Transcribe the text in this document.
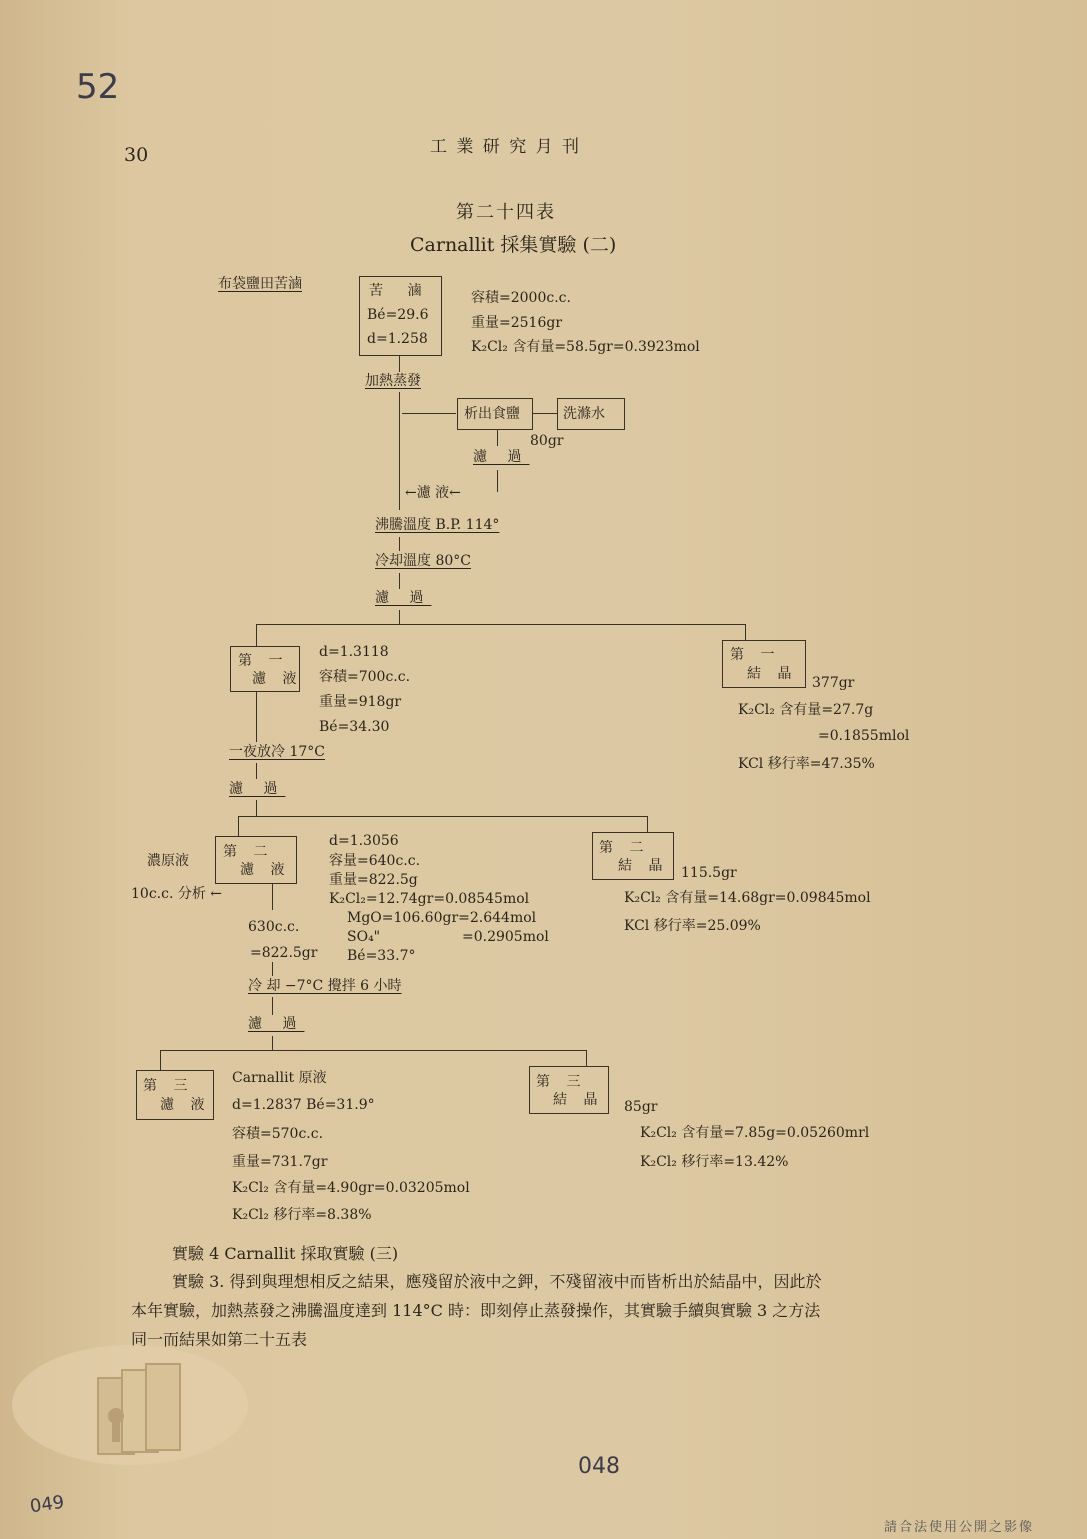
52
30	工 業 研 究 月 刊
第二十四表
Carnallit 採集實驗 (二)
布袋鹽田苦滷	苦 滷
Bé=29.6
d=1.258
容積=2000c.c.
重量=2516gr
K₂Cl₂ 含有量=58.5gr=0.3923mol
加熱蒸發
析出食鹽	洗滌水
80gr
濾 過
←濾 液←
沸騰溫度 B.P. 114°
冷却溫度 80°C
濾 過
第 一
濾 液
d=1.3118
容積=700c.c.
重量=918gr
Bé=34.30
第 一
結 晶
377gr
K₂Cl₂ 含有量=27.7g
=0.1855mlol
KCl 移行率=47.35%
一夜放冷 17°C
濾 過
第 二
濾 液
濃原液
10c.c. 分析 ←
d=1.3056
容量=640c.c.
重量=822.5g
K₂Cl₂=12.74gr=0.08545mol
MgO=106.60gr=2.644mol
SO₄"	=0.2905mol
Bé=33.7°
630c.c.
=822.5gr
第 二
結 晶 115.5gr
K₂Cl₂ 含有量=14.68gr=0.09845mol
KCl 移行率=25.09%
冷 却 −7°C 攪拌 6 小時
濾 過
第 三
濾 液
Carnallit 原液
d=1.2837 Bé=31.9°
容積=570c.c.
重量=731.7gr
K₂Cl₂ 含有量=4.90gr=0.03205mol
K₂Cl₂ 移行率=8.38%
第 三
結 晶 85gr
K₂Cl₂ 含有量=7.85g=0.05260mrl
K₂Cl₂ 移行率=13.42%
實驗 4 Carnallit 採取實驗 (三)
實驗 3. 得到與理想相反之結果，應殘留於液中之鉀，不殘留液中而皆析出於結晶中，因此於
本年實驗，加熱蒸發之沸騰溫度達到 114°C 時：即刻停止蒸發操作，其實驗手續與實驗 3 之方法
同一而結果如第二十五表
048
049
請合法使用公開之影像
